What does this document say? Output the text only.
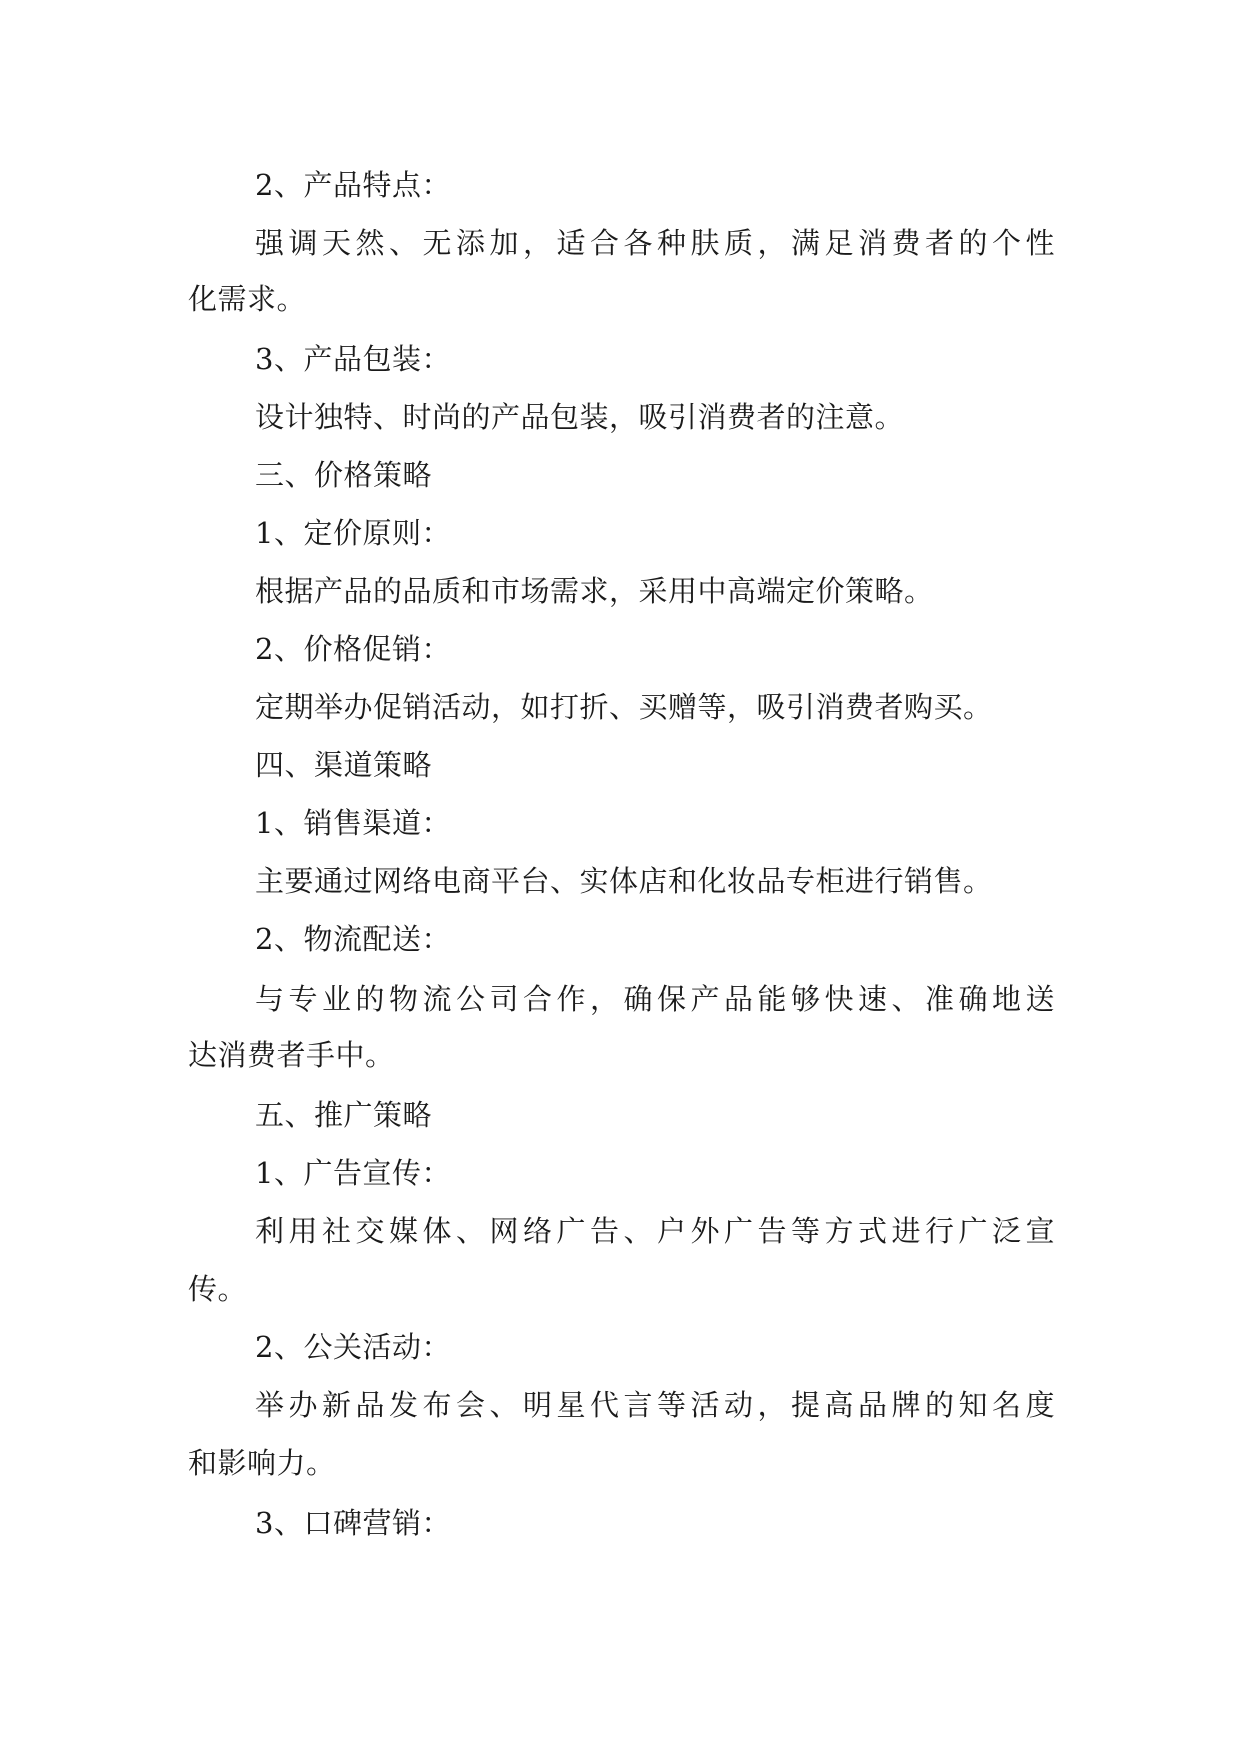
2、产品特点：
强调天然、无添加，适合各种肤质，满足消费者的个性
化需求。
3、产品包装：
设计独特、时尚的产品包装，吸引消费者的注意。
三、价格策略
1、定价原则：
根据产品的品质和市场需求，采用中高端定价策略。
2、价格促销：
定期举办促销活动，如打折、买赠等，吸引消费者购买。
四、渠道策略
1、销售渠道：
主要通过网络电商平台、实体店和化妆品专柜进行销售。
2、物流配送：
与专业的物流公司合作，确保产品能够快速、准确地送
达消费者手中。
五、推广策略
1、广告宣传：
利用社交媒体、网络广告、户外广告等方式进行广泛宣
传。
2、公关活动：
举办新品发布会、明星代言等活动，提高品牌的知名度
和影响力。
3、口碑营销：
